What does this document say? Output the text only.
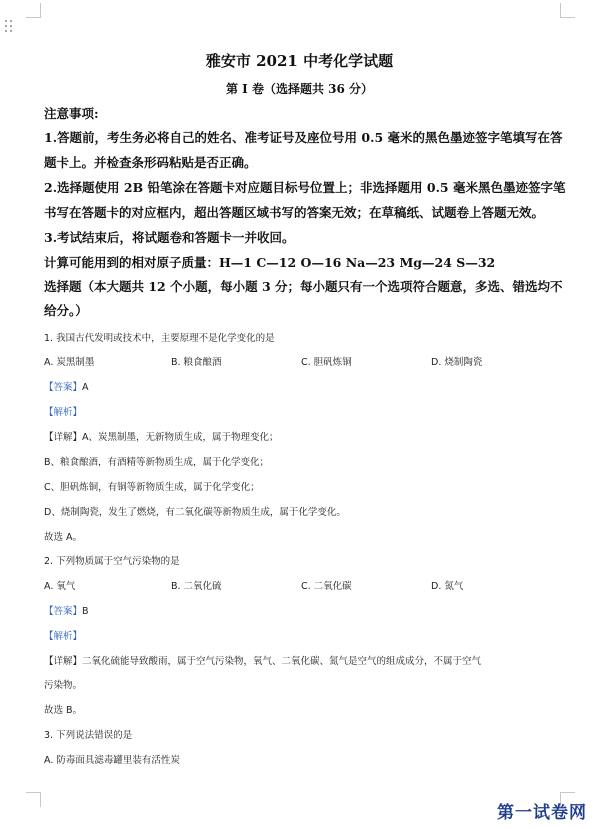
雅安市 2021 中考化学试题
第 I 卷（选择题共 36 分）
注意事项:
1.答题前，考生务必将自己的姓名、准考证号及座位号用 0.5 毫米的黑色墨迹签字笔填写在答
题卡上。并检查条形码粘贴是否正确。
2.选择题使用 2B 铅笔涂在答题卡对应题目标号位置上；非选择题用 0.5 毫米黑色墨迹签字笔
书写在答题卡的对应框内，超出答题区域书写的答案无效；在草稿纸、试题卷上答题无效。
3.考试结束后，将试题卷和答题卡一并收回。
计算可能用到的相对原子质量：H—1 C—12 O—16 Na—23 Mg—24 S—32
选择题（本大题共 12 个小题，每小题 3 分；每小题只有一个选项符合题意，多选、错选均不
给分。）
1. 我国古代发明或技术中，主要原理不是化学变化的是
A. 炭黑制墨	B. 粮食酿酒	C. 胆矾炼铜	D. 烧制陶瓷
【答案】A
【解析】
【详解】A、炭黑制墨，无新物质生成，属于物理变化；
B、粮食酿酒，有酒精等新物质生成，属于化学变化；
C、胆矾炼铜，有铜等新物质生成，属于化学变化；
D、烧制陶瓷，发生了燃烧，有二氧化碳等新物质生成，属于化学变化。
故选 A。
2. 下列物质属于空气污染物的是
A. 氧气	B. 二氧化硫	C. 二氧化碳	D. 氮气
【答案】B
【解析】
【详解】二氧化硫能导致酸雨，属于空气污染物，氧气、二氧化碳、氮气是空气的组成成分，不属于空气
污染物。
故选 B。
3. 下列说法错误的是
A. 防毒面具滤毒罐里装有活性炭
第一试卷网
